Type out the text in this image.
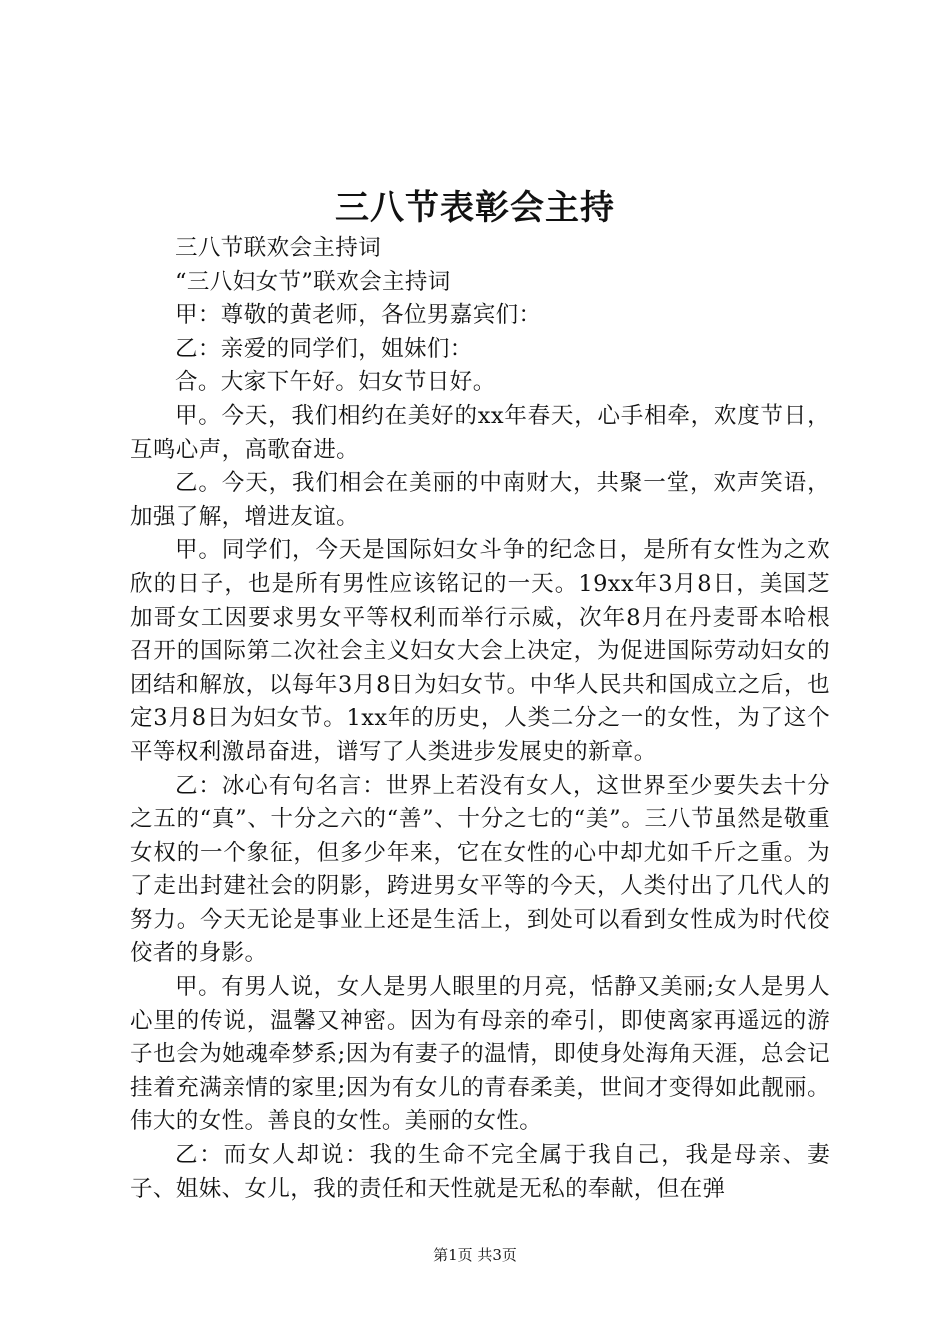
三八节表彰会主持

三八节联欢会主持词

“三八妇女节”联欢会主持词

甲：尊敬的黄老师，各位男嘉宾们：

乙：亲爱的同学们，姐妹们：

合。大家下午好。妇女节日好。

甲。今天，我们相约在美好的xx年春天，心手相牵，欢度节日，互鸣心声，高歌奋进。

乙。今天，我们相会在美丽的中南财大，共聚一堂，欢声笑语，加强了解，增进友谊。

甲。同学们，今天是国际妇女斗争的纪念日，是所有女性为之欢欣的日子，也是所有男性应该铭记的一天。19xx年3月8日，美国芝加哥女工因要求男女平等权利而举行示威，次年8月在丹麦哥本哈根召开的国际第二次社会主义妇女大会上决定，为促进国际劳动妇女的团结和解放，以每年3月8日为妇女节。中华人民共和国成立之后，也定3月8日为妇女节。1xx年的历史，人类二分之一的女性，为了这个平等权利激昂奋进，谱写了人类进步发展史的新章。

乙：冰心有句名言：世界上若没有女人，这世界至少要失去十分之五的“真”、十分之六的“善”、十分之七的“美”。三八节虽然是敬重女权的一个象征，但多少年来，它在女性的心中却尤如千斤之重。为了走出封建社会的阴影，跨进男女平等的今天，人类付出了几代人的努力。今天无论是事业上还是生活上，到处可以看到女性成为时代佼佼者的身影。

甲。有男人说，女人是男人眼里的月亮，恬静又美丽;女人是男人心里的传说，温馨又神密。因为有母亲的牵引，即使离家再遥远的游子也会为她魂牵梦系;因为有妻子的温情，即使身处海角天涯，总会记挂着充满亲情的家里;因为有女儿的青春柔美，世间才变得如此靓丽。伟大的女性。善良的女性。美丽的女性。

乙：而女人却说：我的生命不完全属于我自己，我是母亲、妻子、姐妹、女儿，我的责任和天性就是无私的奉献，但在弹

第1页 共3页
